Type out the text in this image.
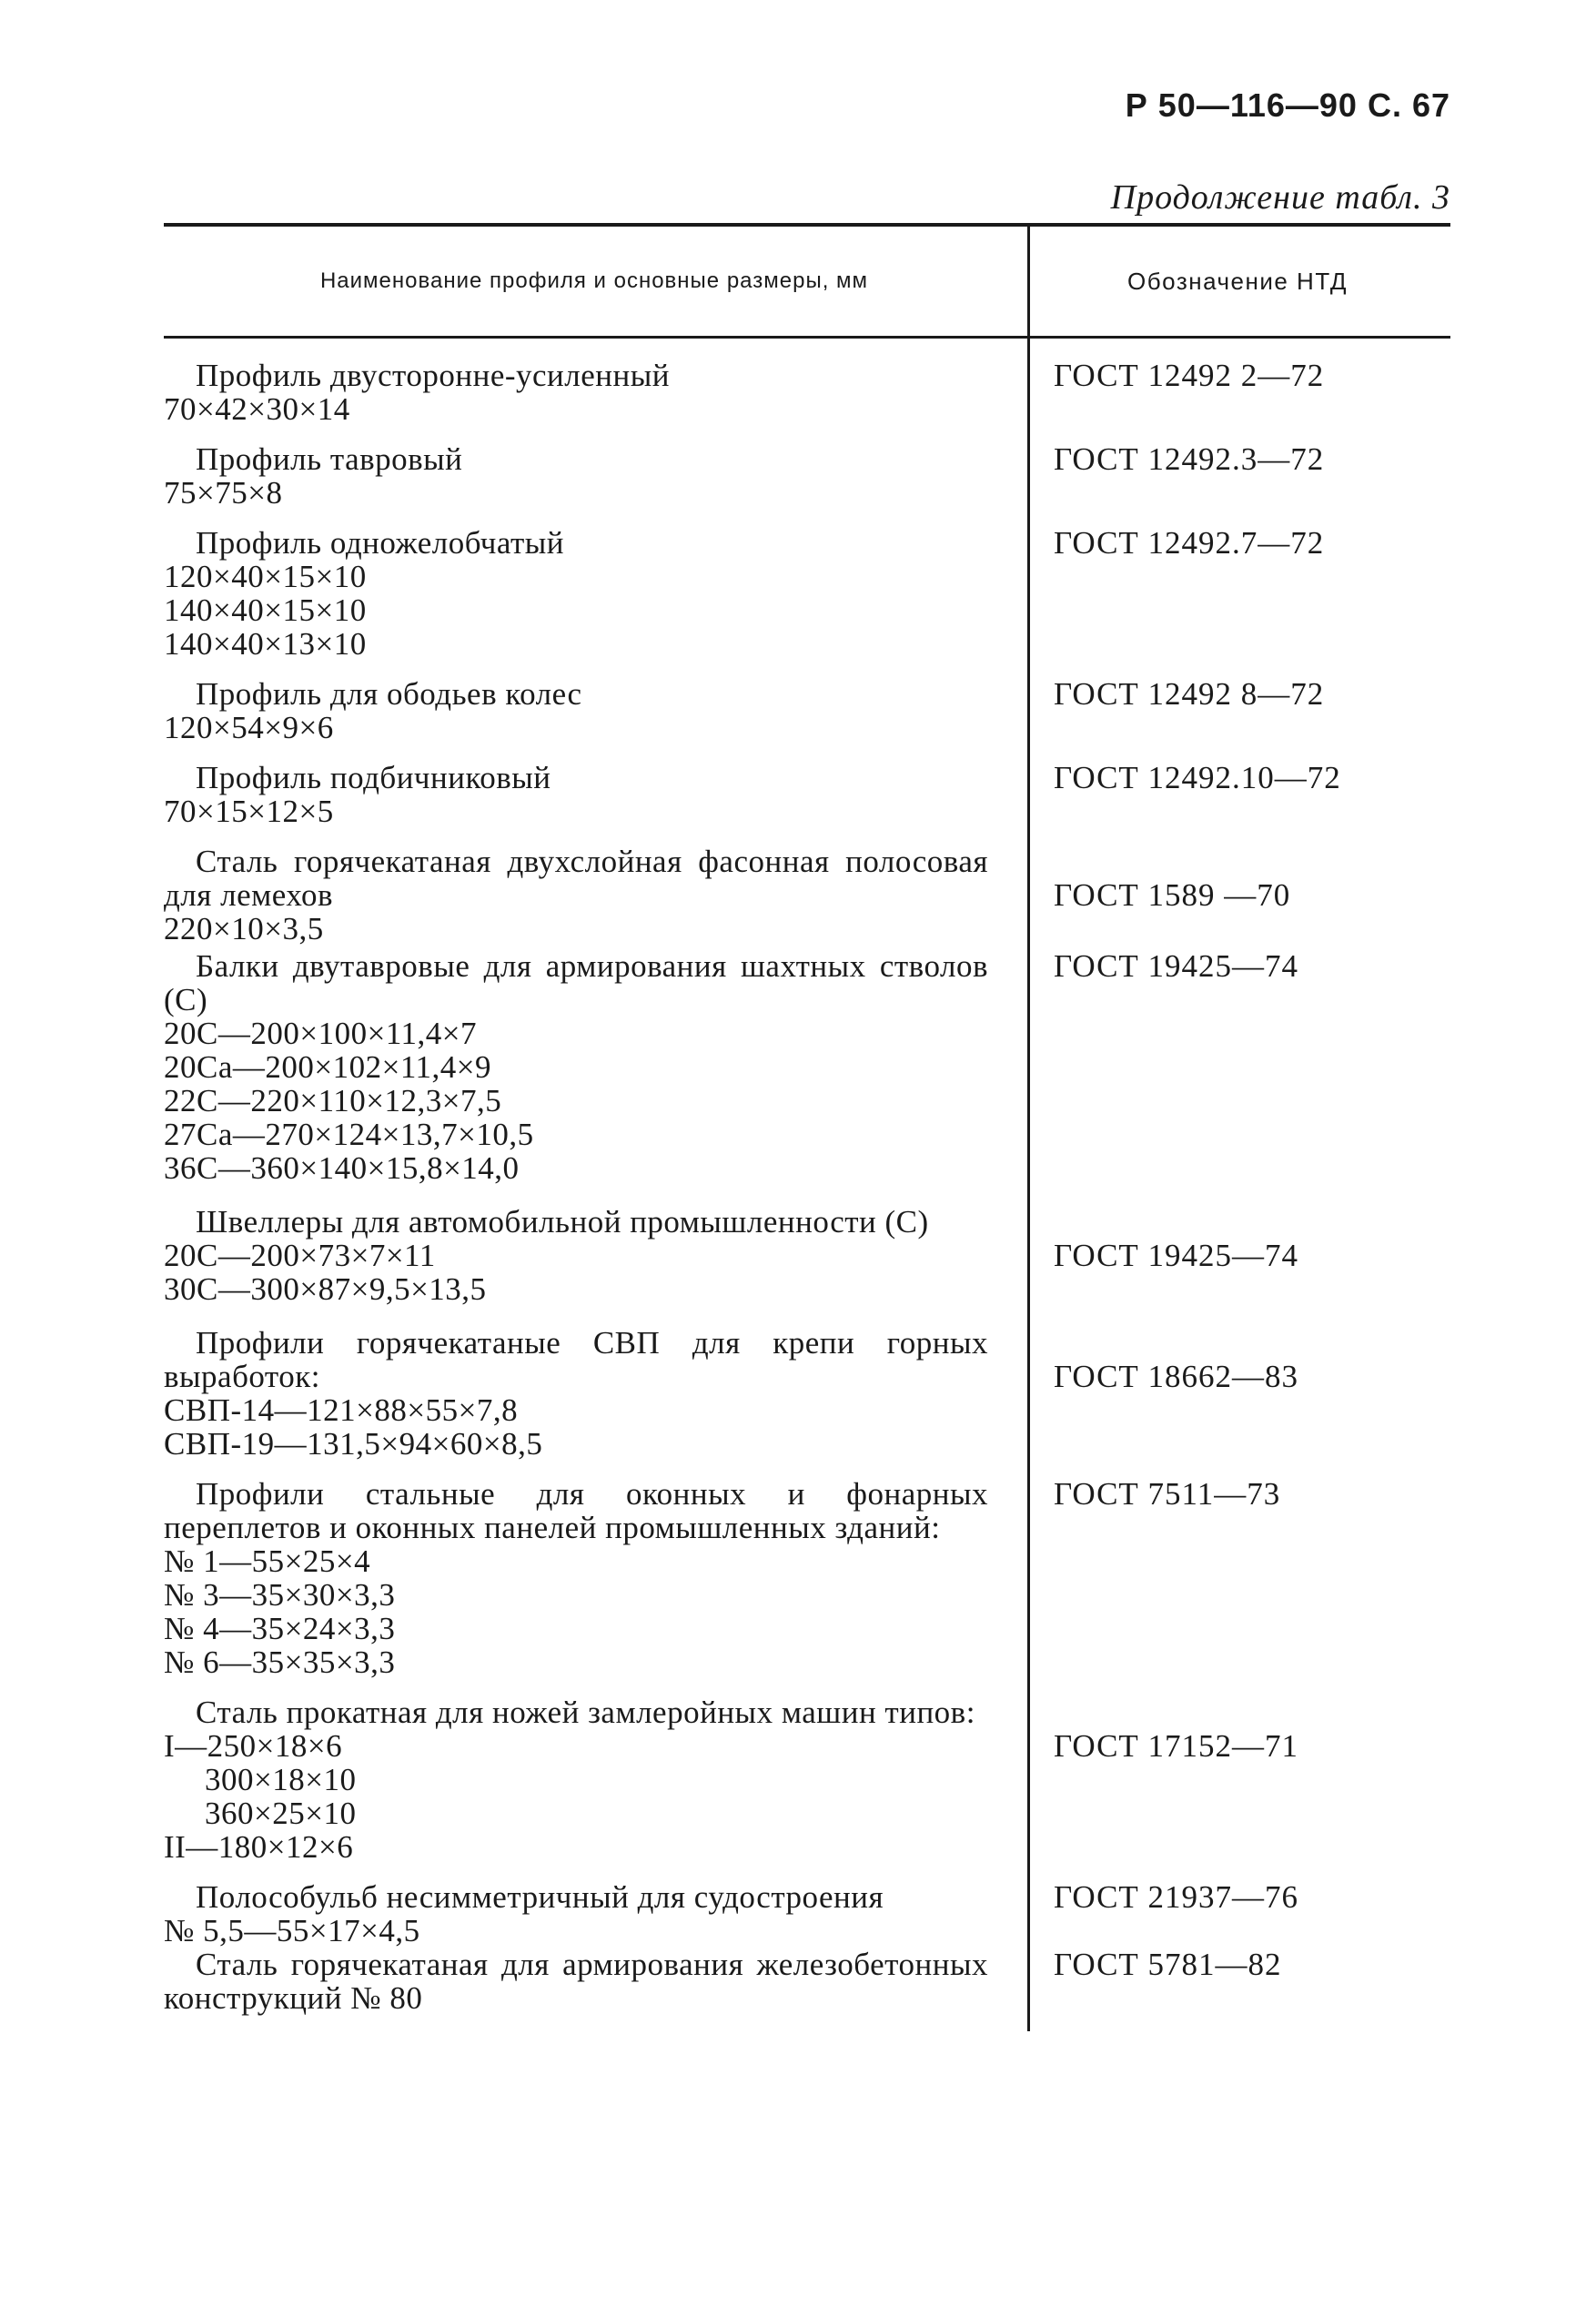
Р 50—116—90 С. 67
Продолжение табл. 3
Наименование профиля и основные размеры, мм	Обозначение НТД
Профиль двусторонне-усиленный
70×42×30×14
ГОСТ 12492 2—72
Профиль тавровый
75×75×8
ГОСТ 12492.3—72
Профиль одножелобчатый
120×40×15×10
140×40×15×10
140×40×13×10
ГОСТ 12492.7—72
Профиль для ободьев колес
120×54×9×6
ГОСТ 12492 8—72
Профиль подбичниковый
70×15×12×5
ГОСТ 12492.10—72
Сталь горячекатаная двухслойная фасонная полосовая для лемехов
220×10×3,5
ГОСТ 1589 —70
Балки двутавровые для армирования шахтных стволов (С)
20С—200×100×11,4×7
20Са—200×102×11,4×9
22С—220×110×12,3×7,5
27Са—270×124×13,7×10,5
36С—360×140×15,8×14,0
ГОСТ 19425—74
Швеллеры для автомобильной промышленности (С)
20С—200×73×7×11
30С—300×87×9,5×13,5
ГОСТ 19425—74
Профили горячекатаные СВП для крепи горных выработок:
СВП-14—121×88×55×7,8
СВП-19—131,5×94×60×8,5
ГОСТ 18662—83
Профили стальные для оконных и фонарных переплетов и оконных панелей промышленных зданий:
№ 1—55×25×4
№ 3—35×30×3,3
№ 4—35×24×3,3
№ 6—35×35×3,3
ГОСТ 7511—73
Сталь прокатная для ножей замлеройных машин типов:
I—250×18×6
300×18×10
360×25×10
II—180×12×6
ГОСТ 17152—71
Полособульб несимметричный для судостроения
№ 5,5—55×17×4,5
ГОСТ 21937—76
Сталь горячекатаная для армирования железобетонных конструкций № 80
ГОСТ 5781—82
